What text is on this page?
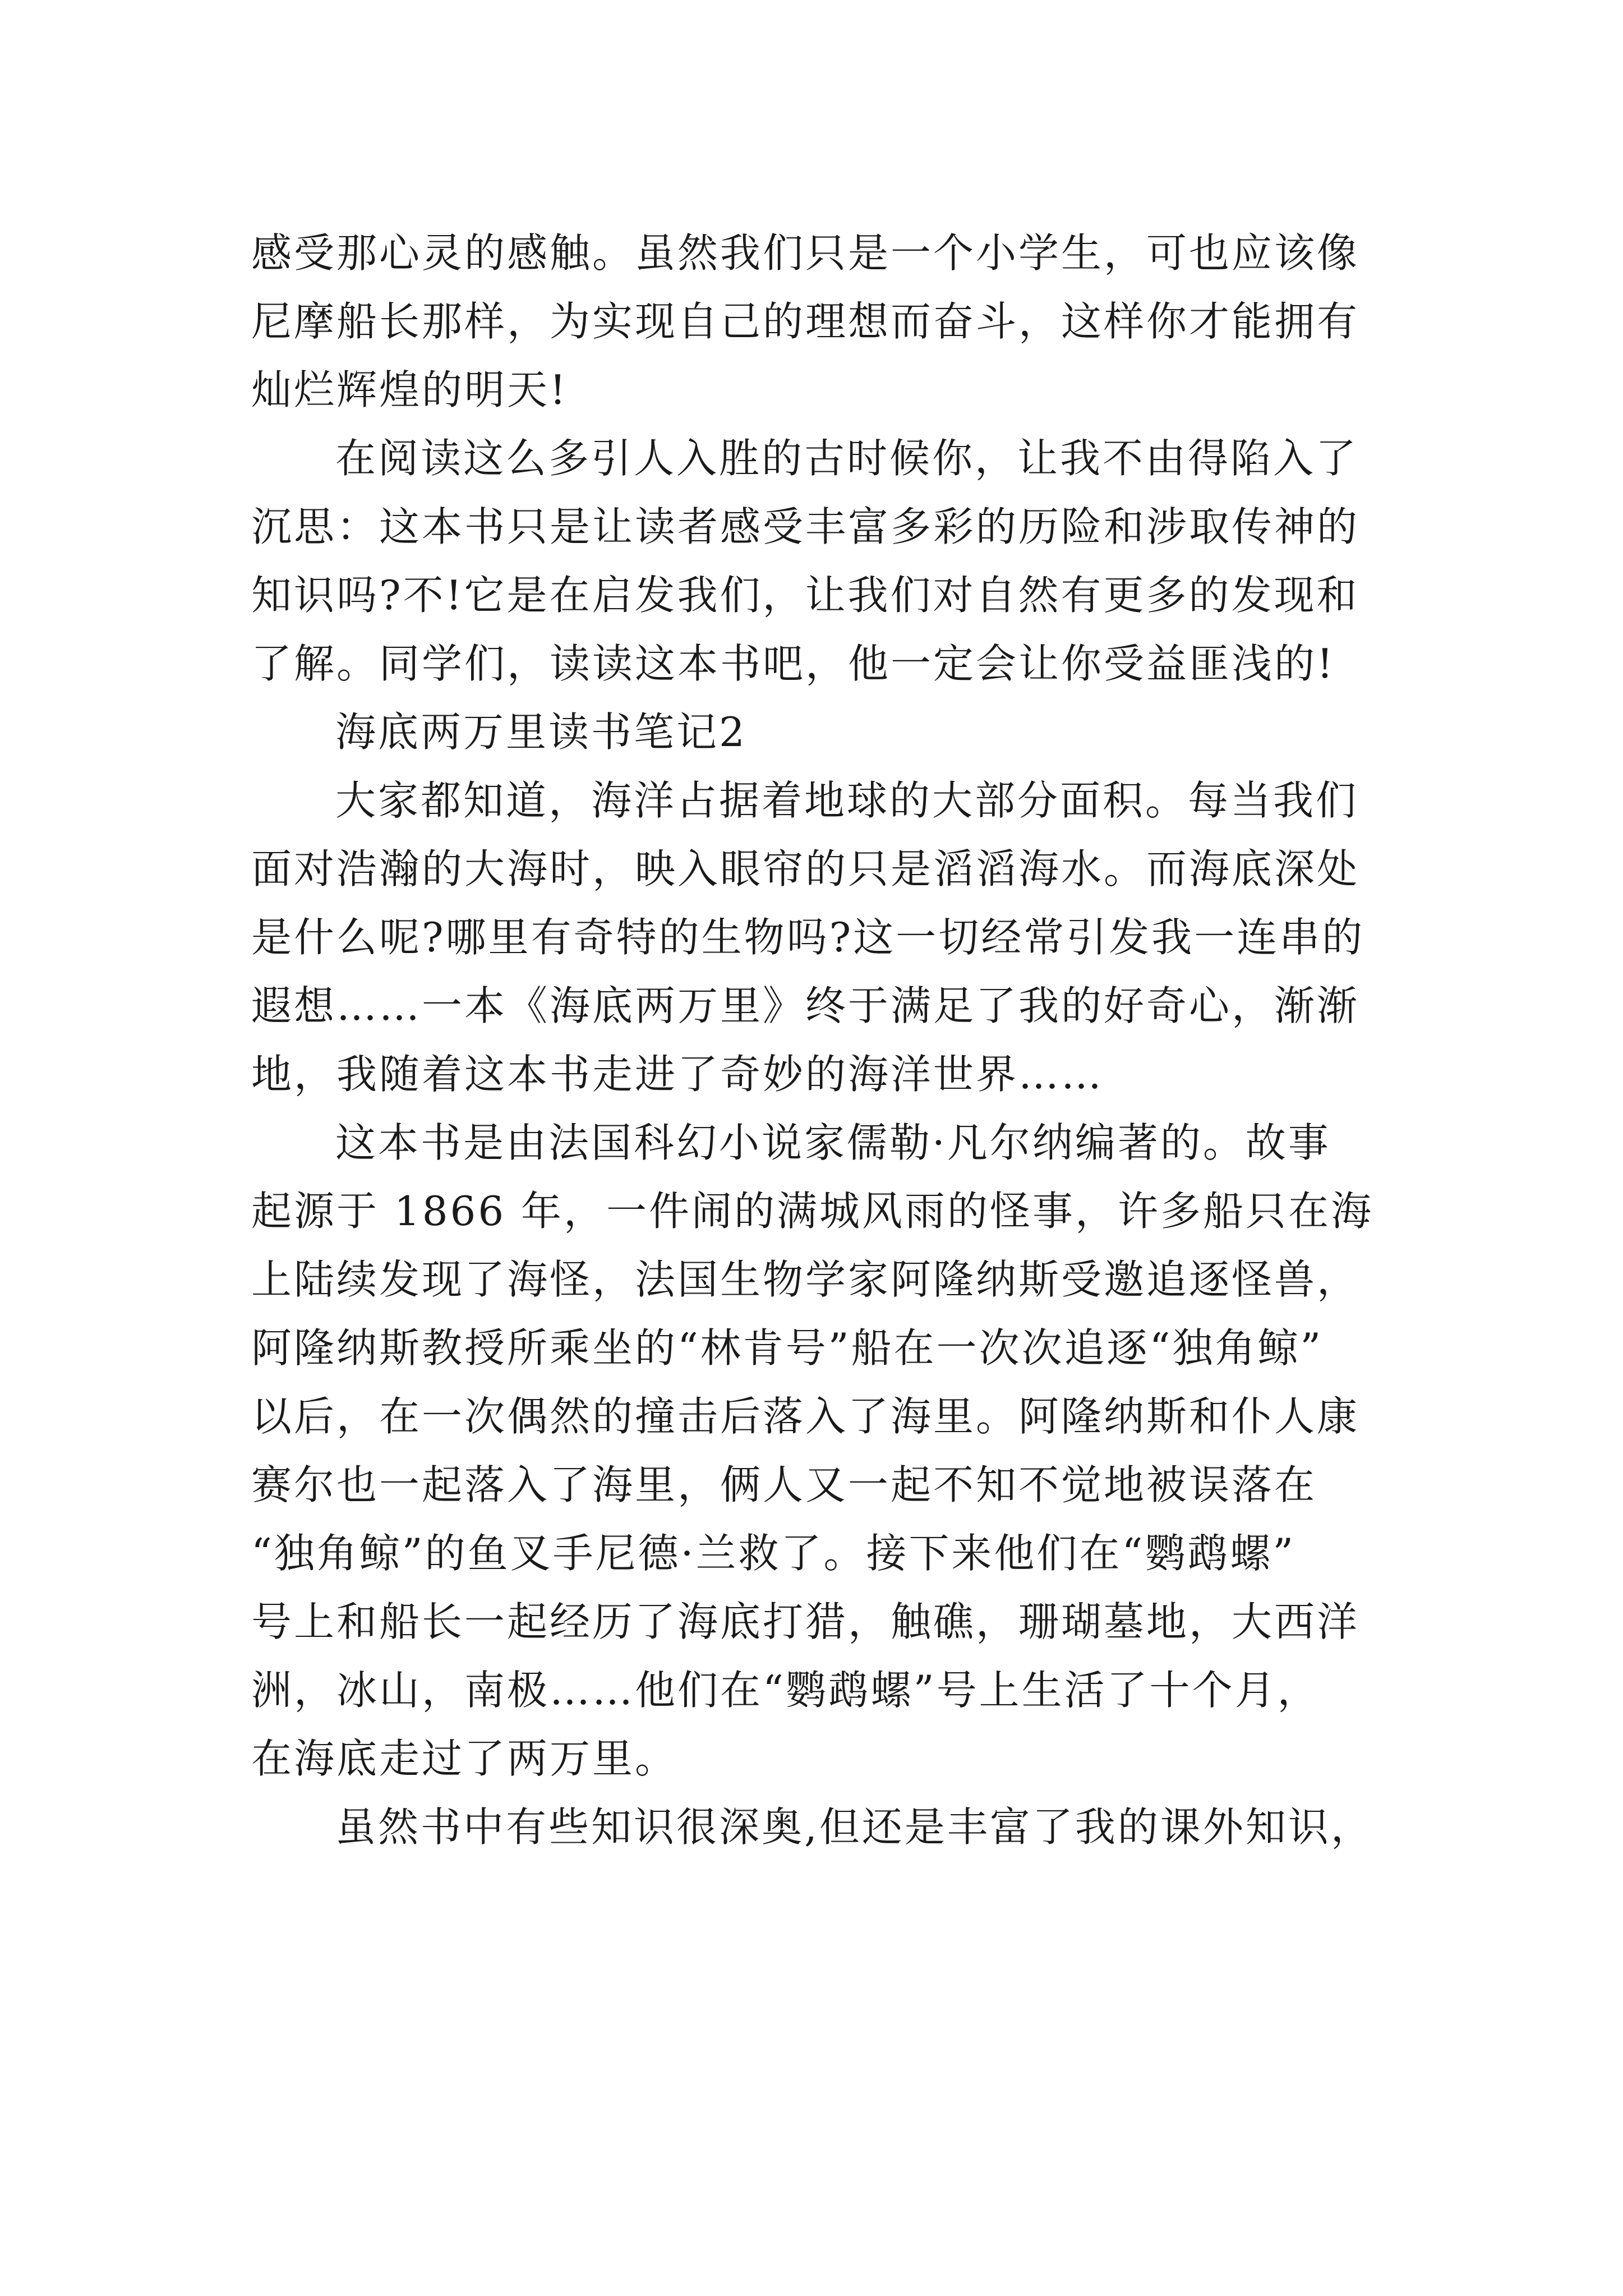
感受那心灵的感触。虽然我们只是一个小学生，可也应该像
尼摩船长那样，为实现自己的理想而奋斗，这样你才能拥有
灿烂辉煌的明天!
在阅读这么多引人入胜的古时候你，让我不由得陷入了
沉思：这本书只是让读者感受丰富多彩的历险和涉取传神的
知识吗?不!它是在启发我们，让我们对自然有更多的发现和
了解。同学们，读读这本书吧，他一定会让你受益匪浅的!
海底两万里读书笔记2
大家都知道，海洋占据着地球的大部分面积。每当我们
面对浩瀚的大海时，映入眼帘的只是滔滔海水。而海底深处
是什么呢?哪里有奇特的生物吗?这一切经常引发我一连串的
遐想……一本《海底两万里》终于满足了我的好奇心，渐渐
地，我随着这本书走进了奇妙的海洋世界……
这本书是由法国科幻小说家儒勒·凡尔纳编著的。故事
起源于 1866 年，一件闹的满城风雨的怪事，许多船只在海
上陆续发现了海怪，法国生物学家阿隆纳斯受邀追逐怪兽，
阿隆纳斯教授所乘坐的“林肯号”船在一次次追逐“独角鲸”
以后，在一次偶然的撞击后落入了海里。阿隆纳斯和仆人康
赛尔也一起落入了海里，俩人又一起不知不觉地被误落在
“独角鲸”的鱼叉手尼德·兰救了。接下来他们在“鹦鹉螺”
号上和船长一起经历了海底打猎，触礁，珊瑚墓地，大西洋
洲，冰山，南极……他们在“鹦鹉螺”号上生活了十个月，
在海底走过了两万里。
虽然书中有些知识很深奥,但还是丰富了我的课外知识，
